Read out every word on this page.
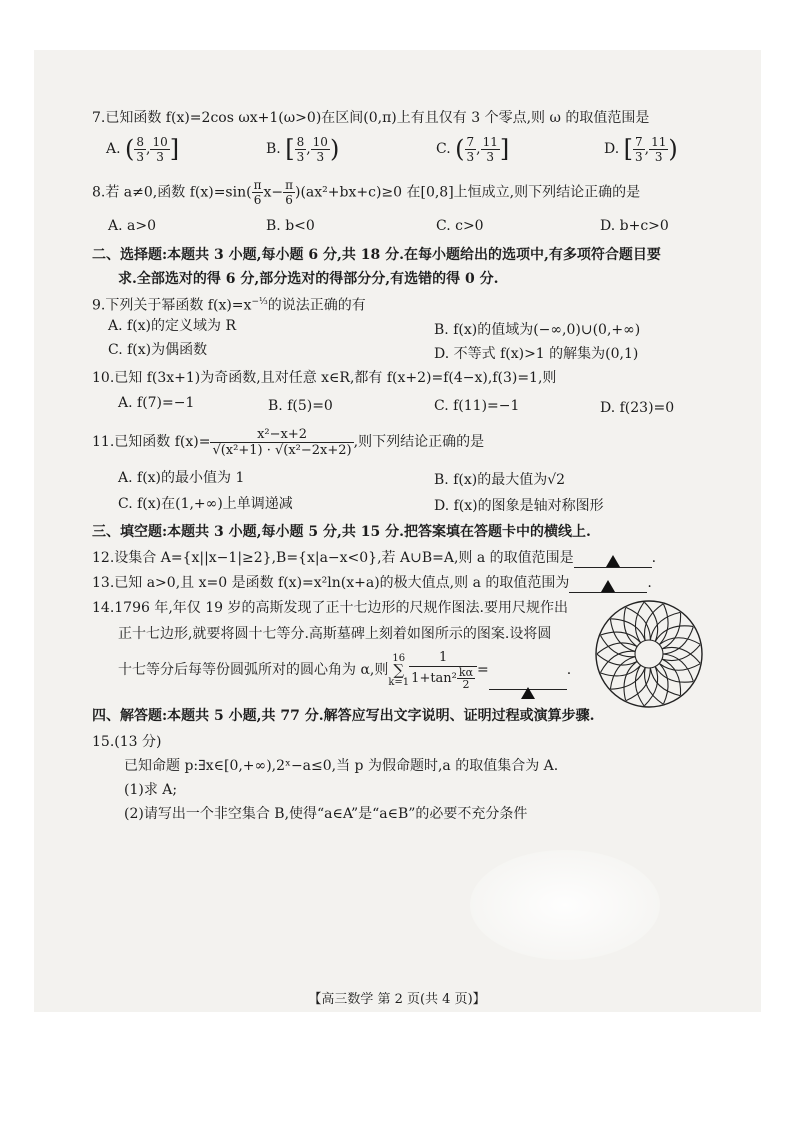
7.已知函数 f(x)=2cos ωx+1(ω>0)在区间(0,π)上有且仅有 3 个零点,则 ω 的取值范围是
A. ( $\frac{8}{3}$ , $\frac{10}{3}$ ]	B. [ $\frac{8}{3}$ , $\frac{10}{3}$ )	C. ( $\frac{7}{3}$ , $\frac{11}{3}$ ]	D. [ $\frac{7}{3}$ , $\frac{11}{3}$ )
8.若 a≠0,函数 $f(x)=\sin( \frac{\pi}{6} x- \frac{\pi}{6} )(ax^2+bx+c)\ge 0$ 在[0,8]上恒成立,则下列结论正确的是
A. a>0	B. b<0	C. c>0	D. b+c>0
二、选择题:本题共 3 小题,每小题 6 分,共 18 分.在每小题给出的选项中,有多项符合题目要
求.全部选对的得 6 分,部分选对的得部分分,有选错的得 0 分.
9.下列关于幂函数 $f(x)=x^{-\frac{1}{3}}$的说法正确的有
A. f(x)的定义域为 R	B. f(x)的值域为(−∞,0)∪(0,+∞)
C. f(x)为偶函数	D. 不等式 f(x)>1 的解集为(0,1)
10.已知 f(3x+1)为奇函数,且对任意 x∈R,都有 f(x+2)=f(4−x),f(3)=1,则
A. f(7)=−1	B. f(5)=0	C. f(11)=−1	D. f(23)=0
11.已知函数 $f(x)= \frac{\text{x²−x+2}}{\text{√(x²+1) · √(x²−2x+2)}}$ ,则下列结论正确的是
A. f(x)的最小值为 1	B. f(x)的最大值为√2
C. f(x)在(1,+∞)上单调递减	D. f(x)的图象是轴对称图形
三、填空题:本题共 3 小题,每小题 5 分,共 15 分.把答案填在答题卡中的横线上.
12.设集合 A={x||x−1|≥2},B={x|a−x<0},若 A∪B=A,则 a 的取值范围是	.
13.已知 a>0,且 x=0 是函数 f(x)=x²ln(x+a)的极大值点,则 a 的取值范围为	.
14.1796 年,年仅 19 岁的高斯发现了正十七边形的尺规作图法.要用尺规作出
正十七边形,就要将圆十七等分.高斯墓碑上刻着如图所示的图案.设将圆
十七等分后每等份圆弧所对的圆心角为 α,则16
∑
$k=1 \frac{1}{1+\tan^2 \frac{k\alpha}{2}}$ =	.
四、解答题:本题共 5 小题,共 77 分.解答应写出文字说明、证明过程或演算步骤.
15.(13 分)
已知命题 p:∃x∈[0,+∞),2ˣ−a≤0,当 p 为假命题时,a 的取值集合为 A.
(1)求 A;
(2)请写出一个非空集合 B,使得“a∈A”是“a∈B”的必要不充分条件
【高三数学 第 2 页(共 4 页)】
